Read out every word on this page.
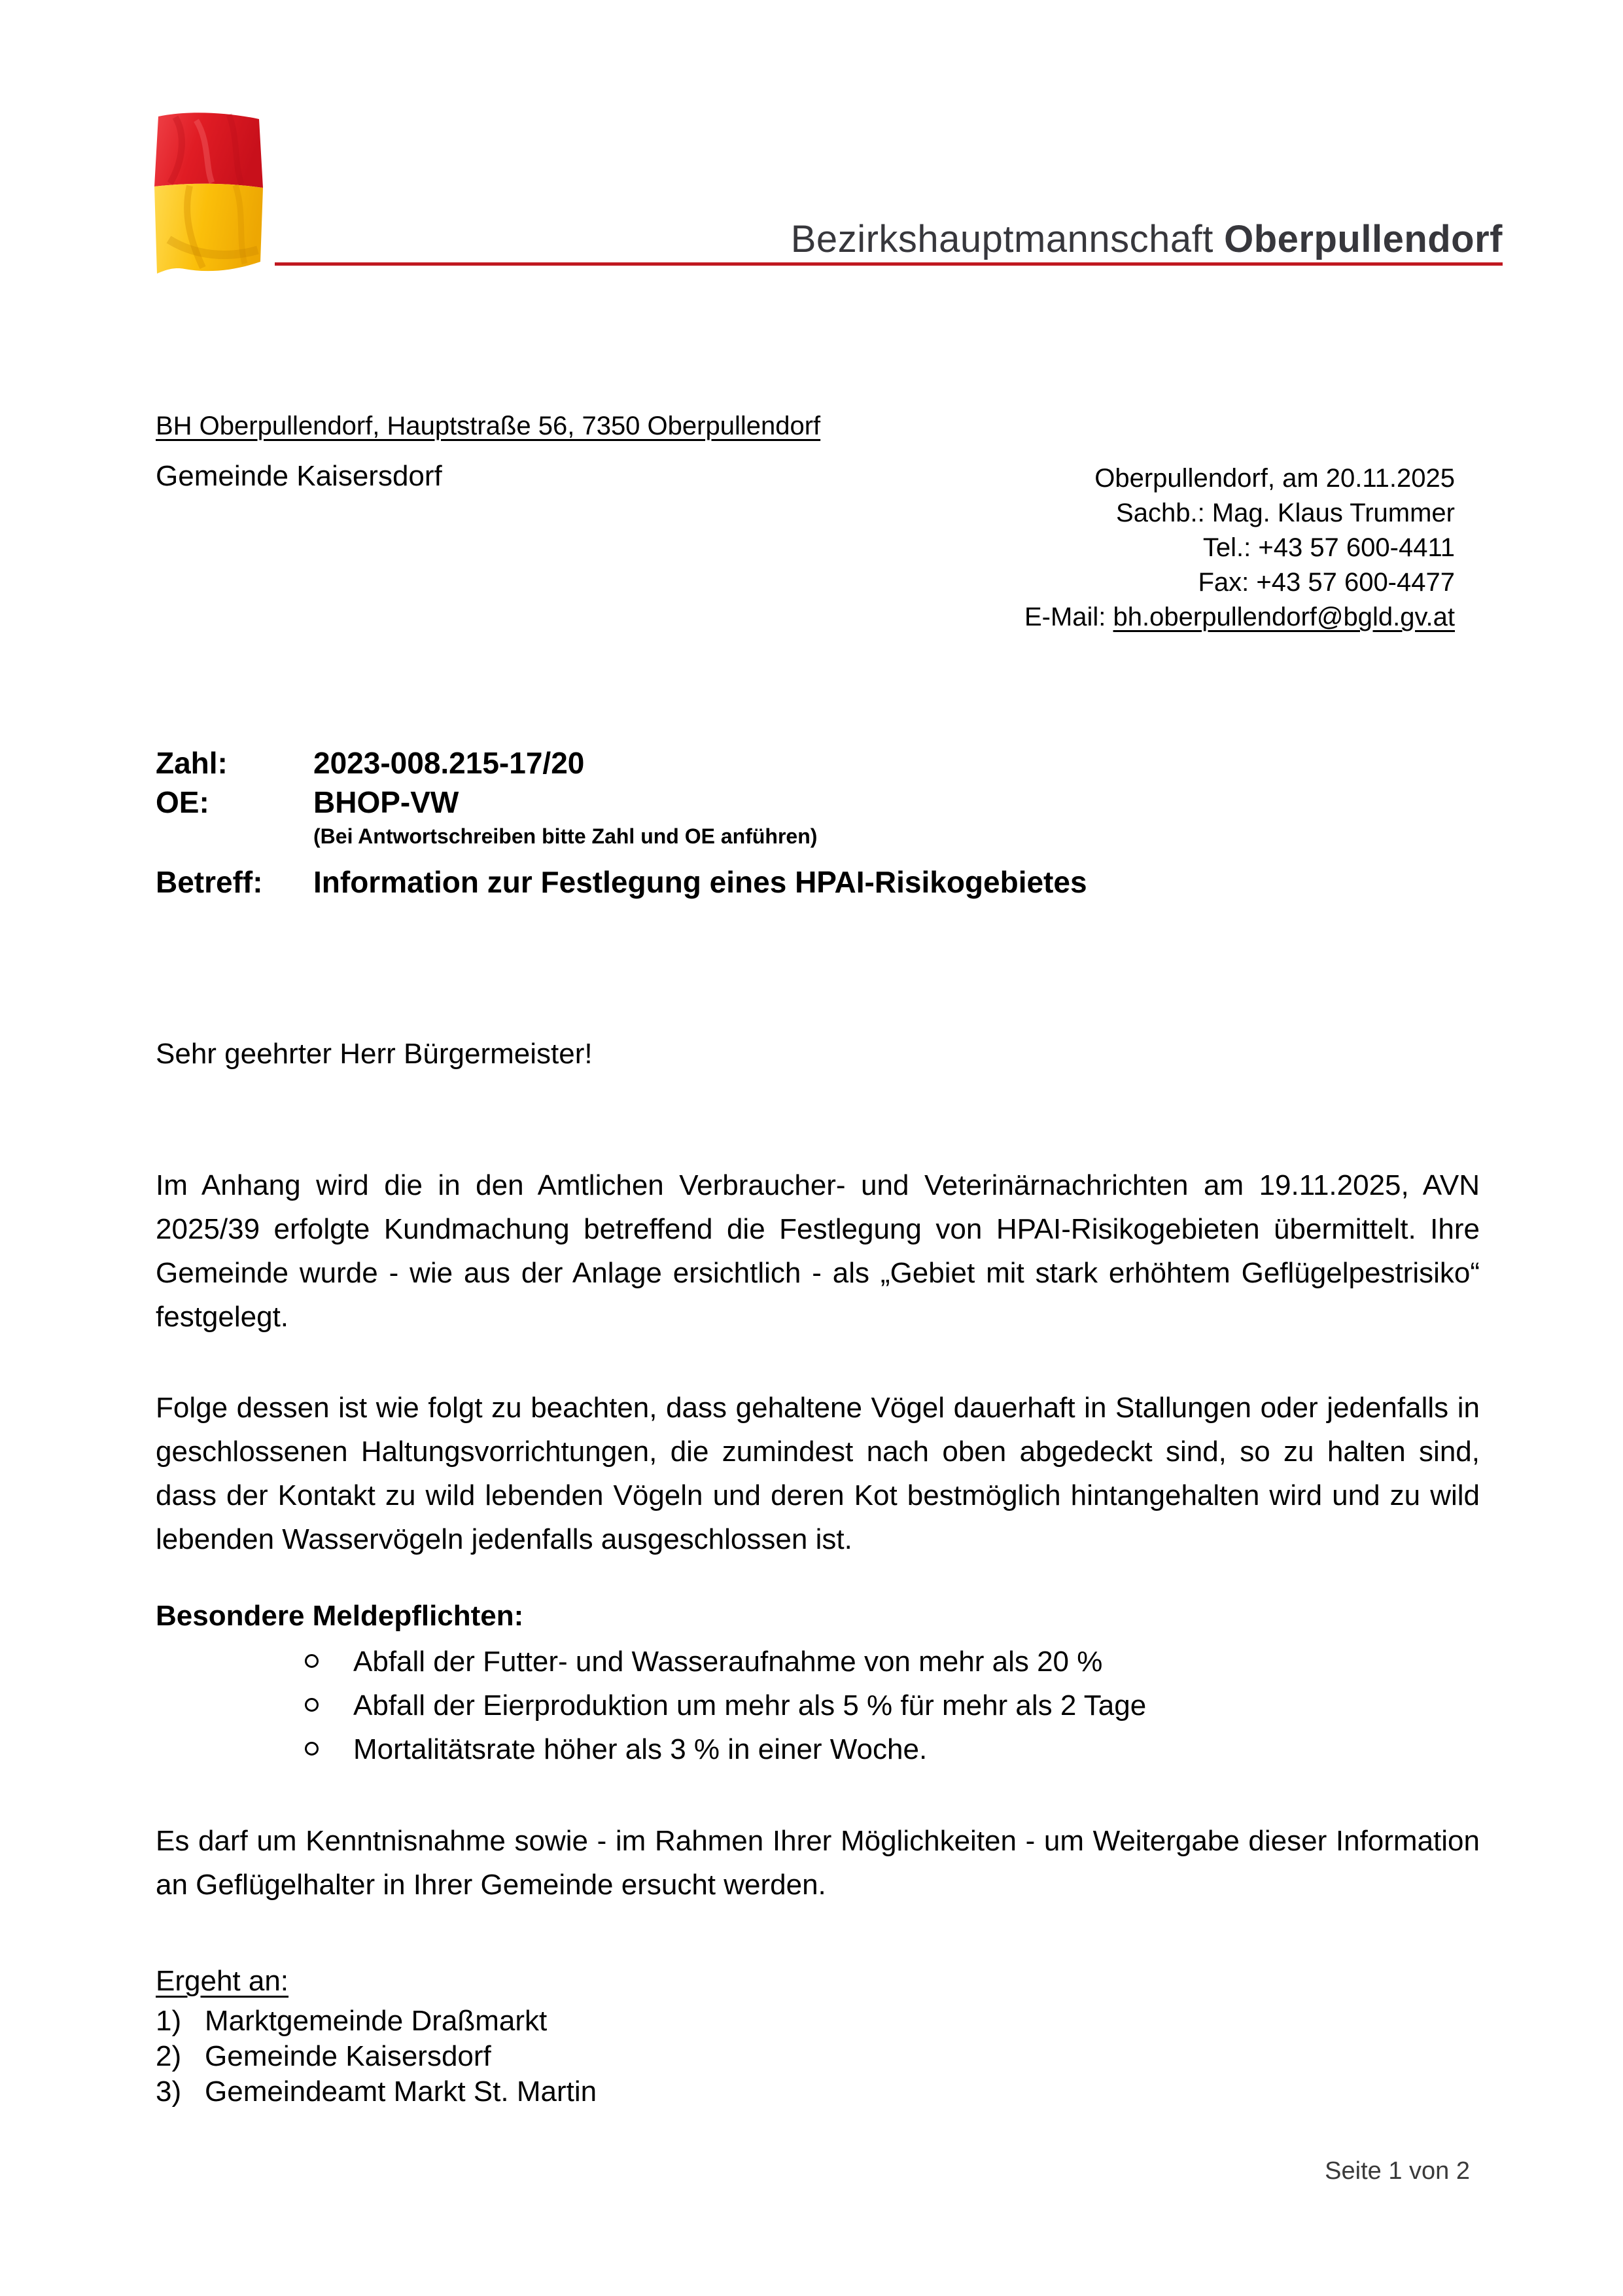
Bezirkshauptmannschaft Oberpullendorf
BH Oberpullendorf, Hauptstraße 56, 7350 Oberpullendorf
Gemeinde Kaisersdorf	Oberpullendorf, am 20.11.2025
Sachb.: Mag. Klaus Trummer
Tel.: +43 57 600-4411
Fax: +43 57 600-4477
E-Mail: bh.oberpullendorf@bgld.gv.at
Zahl:	2023-008.215-17/20
OE:	BHOP-VW
(Bei Antwortschreiben bitte Zahl und OE anführen)
Betreff:	Information zur Festlegung eines HPAI-Risikogebietes
Sehr geehrter Herr Bürgermeister!
Im Anhang wird die in den Amtlichen Verbraucher- und Veterinärnachrichten am 19.11.2025, AVN 2025/39 erfolgte Kundmachung betreffend die Festlegung von HPAI-Risikogebieten übermittelt. Ihre Gemeinde wurde - wie aus der Anlage ersichtlich - als „Gebiet mit stark erhöhtem Geflügelpestrisiko“ festgelegt.
Folge dessen ist wie folgt zu beachten, dass gehaltene Vögel dauerhaft in Stallungen oder jedenfalls in geschlossenen Haltungsvorrichtungen, die zumindest nach oben abgedeckt sind, so zu halten sind, dass der Kontakt zu wild lebenden Vögeln und deren Kot bestmöglich hintangehalten wird und zu wild lebenden Wasservögeln jedenfalls ausgeschlossen ist.
Besondere Meldepflichten:
Abfall der Futter- und Wasseraufnahme von mehr als 20 %
Abfall der Eierproduktion um mehr als 5 % für mehr als 2 Tage
Mortalitätsrate höher als 3 % in einer Woche.
Es darf um Kenntnisnahme sowie - im Rahmen Ihrer Möglichkeiten - um Weitergabe dieser Information an Geflügelhalter in Ihrer Gemeinde ersucht werden.
Ergeht an:
1) Marktgemeinde Draßmarkt
2) Gemeinde Kaisersdorf
3) Gemeindeamt Markt St. Martin
Seite 1 von 2
